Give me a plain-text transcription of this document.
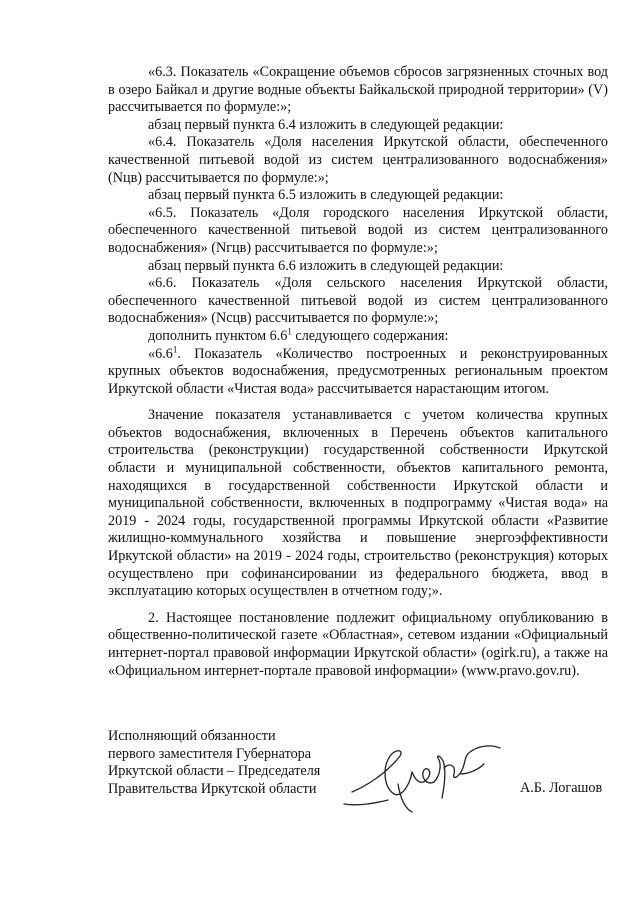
«6.3. Показатель «Сокращение объемов сбросов загрязненных сточных вод в озеро Байкал и другие водные объекты Байкальской природной территории» (V) рассчитывается по формуле:»;

абзац первый пункта 6.4 изложить в следующей редакции:

«6.4. Показатель «Доля населения Иркутской области, обеспеченного качественной питьевой водой из систем централизованного водоснабжения» (Nцв) рассчитывается по формуле:»;

абзац первый пункта 6.5 изложить в следующей редакции:

«6.5. Показатель «Доля городского населения Иркутской области, обеспеченного качественной питьевой водой из систем централизованного водоснабжения» (Nгцв) рассчитывается по формуле:»;

абзац первый пункта 6.6 изложить в следующей редакции:

«6.6. Показатель «Доля сельского населения Иркутской области, обеспеченного качественной питьевой водой из систем централизованного водоснабжения» (Nсцв) рассчитывается по формуле:»;

дополнить пунктом $6.6^1$ следующего содержания:

«$6.6^1$. Показатель «Количество построенных и реконструированных крупных объектов водоснабжения, предусмотренных региональным проектом Иркутской области «Чистая вода» рассчитывается нарастающим итогом.

Значение показателя устанавливается с учетом количества крупных объектов водоснабжения, включенных в Перечень объектов капитального строительства (реконструкции) государственной собственности Иркутской области и муниципальной собственности, объектов капитального ремонта, находящихся в государственной собственности Иркутской области и муниципальной собственности, включенных в подпрограмму «Чистая вода» на 2019 - 2024 годы, государственной программы Иркутской области «Развитие жилищно-коммунального хозяйства и повышение энергоэффективности Иркутской области» на 2019 - 2024 годы, строительство (реконструкция) которых осуществлено при софинансировании из федерального бюджета, ввод в эксплуатацию которых осуществлен в отчетном году;».

2. Настоящее постановление подлежит официальному опубликованию в общественно-политической газете «Областная», сетевом издании «Официальный интернет-портал правовой информации Иркутской области» (ogirk.ru), а также на «Официальном интернет-портале правовой информации» (www.pravo.gov.ru).

Исполняющий обязанности
первого заместителя Губернатора
Иркутской области – Председателя
Правительства Иркутской области	А.Б. Логашов
